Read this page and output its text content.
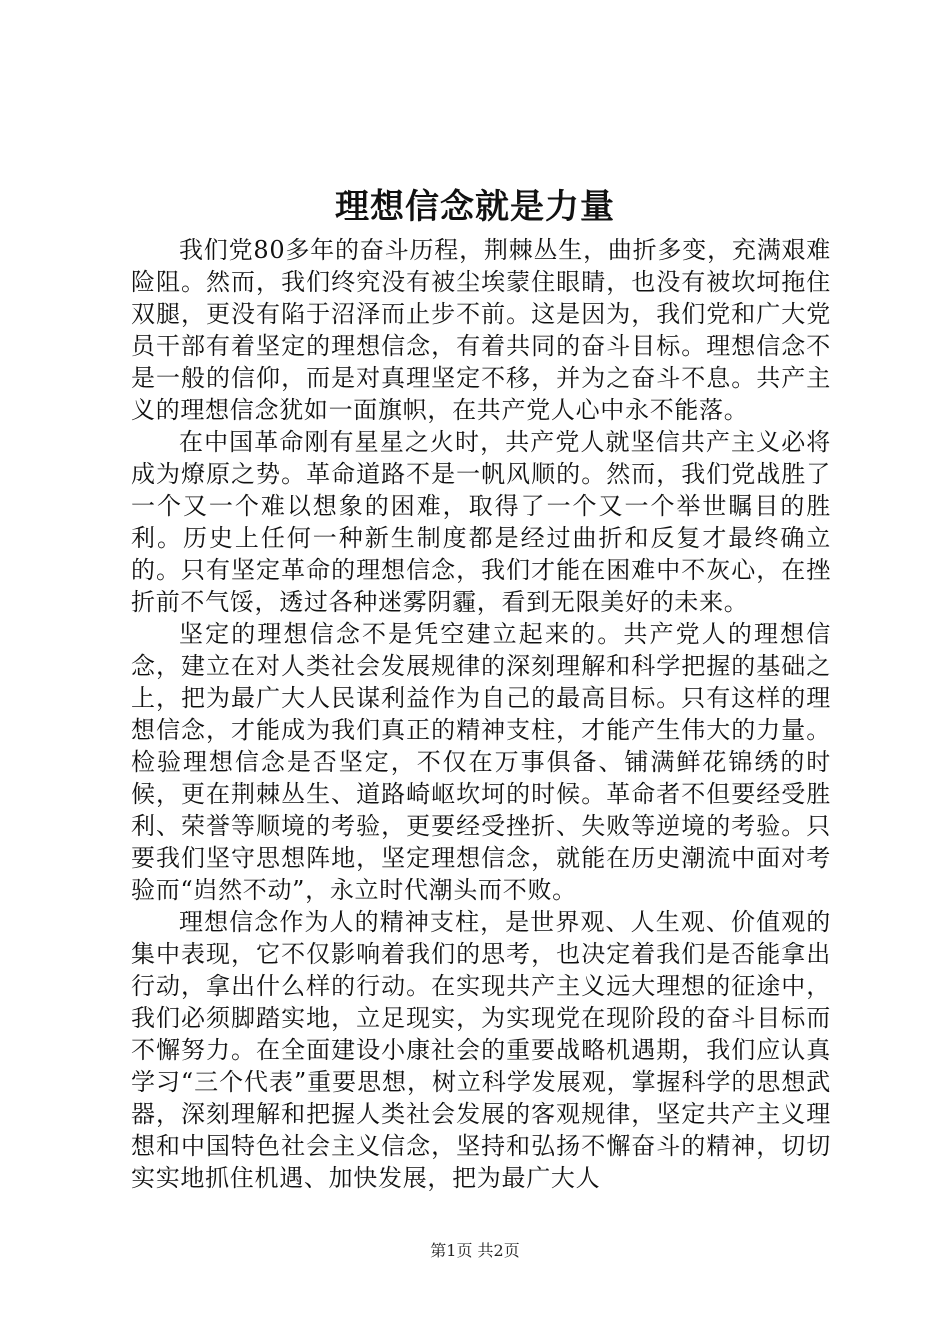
理想信念就是力量

我们党80多年的奋斗历程，荆棘丛生，曲折多变，充满艰难险阻。然而，我们终究没有被尘埃蒙住眼睛，也没有被坎坷拖住双腿，更没有陷于沼泽而止步不前。这是因为，我们党和广大党员干部有着坚定的理想信念，有着共同的奋斗目标。理想信念不是一般的信仰，而是对真理坚定不移，并为之奋斗不息。共产主义的理想信念犹如一面旗帜，在共产党人心中永不能落。

在中国革命刚有星星之火时，共产党人就坚信共产主义必将成为燎原之势。革命道路不是一帆风顺的。然而，我们党战胜了一个又一个难以想象的困难，取得了一个又一个举世瞩目的胜利。历史上任何一种新生制度都是经过曲折和反复才最终确立的。只有坚定革命的理想信念，我们才能在困难中不灰心，在挫折前不气馁，透过各种迷雾阴霾，看到无限美好的未来。

坚定的理想信念不是凭空建立起来的。共产党人的理想信念，建立在对人类社会发展规律的深刻理解和科学把握的基础之上，把为最广大人民谋利益作为自己的最高目标。只有这样的理想信念，才能成为我们真正的精神支柱，才能产生伟大的力量。检验理想信念是否坚定，不仅在万事俱备、铺满鲜花锦绣的时候，更在荆棘丛生、道路崎岖坎坷的时候。革命者不但要经受胜利、荣誉等顺境的考验，更要经受挫折、失败等逆境的考验。只要我们坚守思想阵地，坚定理想信念，就能在历史潮流中面对考验而“岿然不动”，永立时代潮头而不败。

理想信念作为人的精神支柱，是世界观、人生观、价值观的集中表现，它不仅影响着我们的思考，也决定着我们是否能拿出行动，拿出什么样的行动。在实现共产主义远大理想的征途中，我们必须脚踏实地，立足现实，为实现党在现阶段的奋斗目标而不懈努力。在全面建设小康社会的重要战略机遇期，我们应认真学习“三个代表”重要思想，树立科学发展观，掌握科学的思想武器，深刻理解和把握人类社会发展的客观规律，坚定共产主义理想和中国特色社会主义信念，坚持和弘扬不懈奋斗的精神，切切实实地抓住机遇、加快发展，把为最广大人

第1页 共2页
